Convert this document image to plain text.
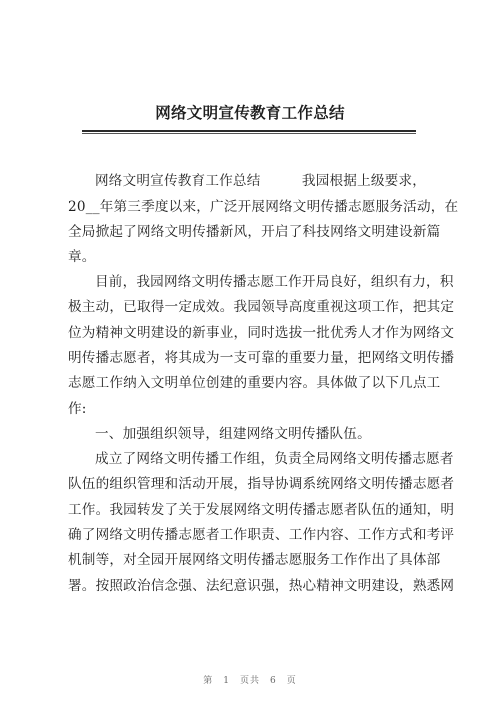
网络文明宣传教育工作总结
网络文明宣传教育工作总结　　　我园根据上级要求，
20__年第三季度以来，广泛开展网络文明传播志愿服务活动，在
全局掀起了网络文明传播新风，开启了科技网络文明建设新篇
章。
目前，我园网络文明传播志愿工作开局良好，组织有力，积
极主动，已取得一定成效。我园领导高度重视这项工作，把其定
位为精神文明建设的新事业，同时选拔一批优秀人才作为网络文
明传播志愿者，将其成为一支可靠的重要力量，把网络文明传播
志愿工作纳入文明单位创建的重要内容。具体做了以下几点工
作:
一、加强组织领导，组建网络文明传播队伍。
成立了网络文明传播工作组，负责全局网络文明传播志愿者
队伍的组织管理和活动开展，指导协调系统网络文明传播志愿者
工作。我园转发了关于发展网络文明传播志愿者队伍的通知，明
确了网络文明传播志愿者工作职责、工作内容、工作方式和考评
机制等，对全园开展网络文明传播志愿服务工作作出了具体部
署。按照政治信念强、法纪意识强，热心精神文明建设，熟悉网
第　1　页共　6　页
